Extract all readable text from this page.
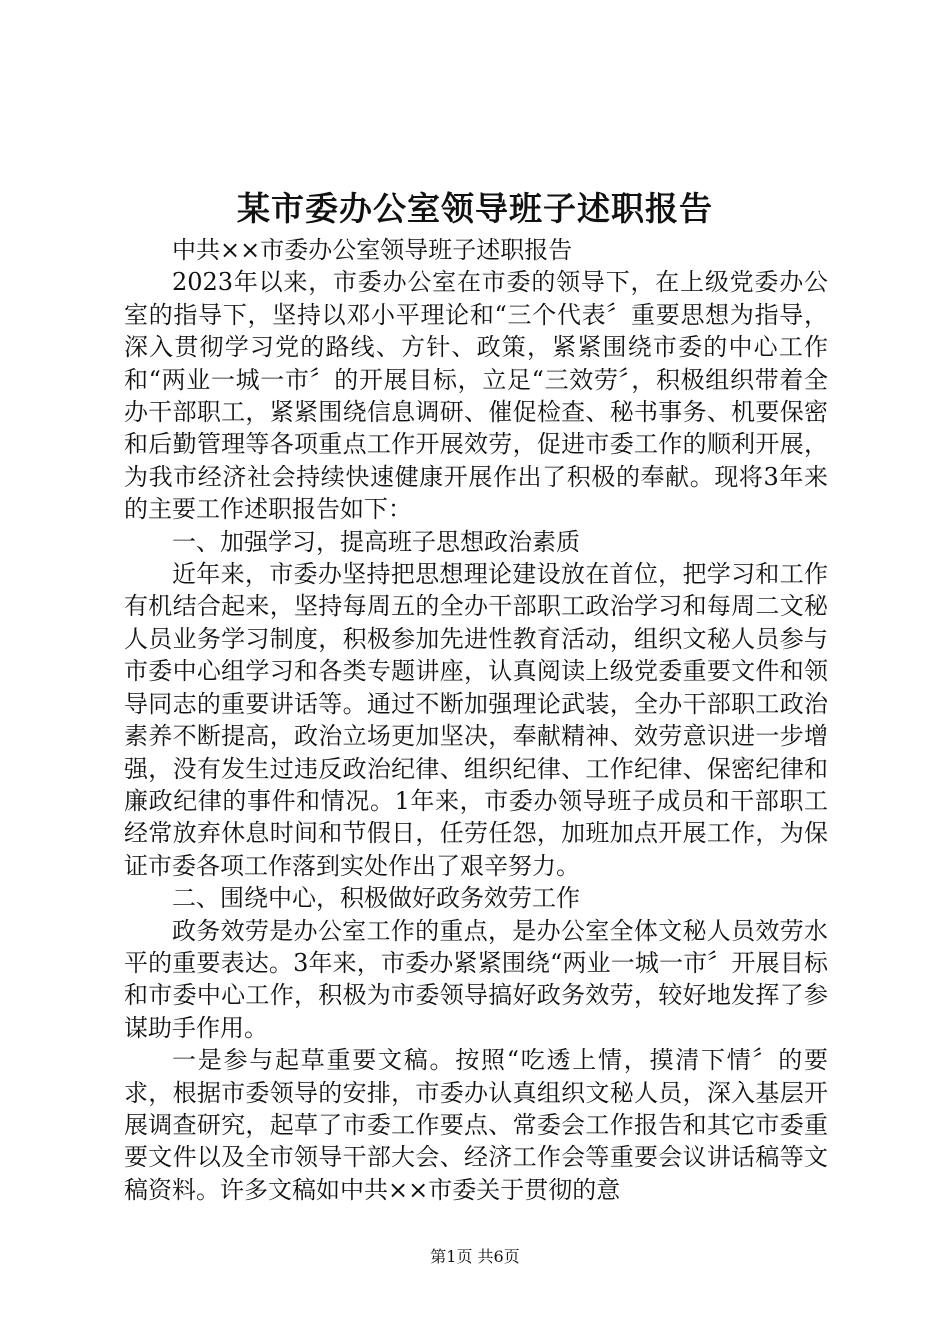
某市委办公室领导班子述职报告

中共××市委办公室领导班子述职报告

2023年以来，市委办公室在市委的领导下，在上级党委办公室的指导下，坚持以邓小平理论和“三个代表〞重要思想为指导，深入贯彻学习党的路线、方针、政策，紧紧围绕市委的中心工作和“两业一城一市〞的开展目标，立足“三效劳〞，积极组织带着全办干部职工，紧紧围绕信息调研、催促检查、秘书事务、机要保密和后勤管理等各项重点工作开展效劳，促进市委工作的顺利开展，为我市经济社会持续快速健康开展作出了积极的奉献。现将3年来的主要工作述职报告如下：

一、加强学习，提高班子思想政治素质

近年来，市委办坚持把思想理论建设放在首位，把学习和工作有机结合起来，坚持每周五的全办干部职工政治学习和每周二文秘人员业务学习制度，积极参加先进性教育活动，组织文秘人员参与市委中心组学习和各类专题讲座，认真阅读上级党委重要文件和领导同志的重要讲话等。通过不断加强理论武装，全办干部职工政治素养不断提高，政治立场更加坚决，奉献精神、效劳意识进一步增强，没有发生过违反政治纪律、组织纪律、工作纪律、保密纪律和廉政纪律的事件和情况。1年来，市委办领导班子成员和干部职工经常放弃休息时间和节假日，任劳任怨，加班加点开展工作，为保证市委各项工作落到实处作出了艰辛努力。

二、围绕中心，积极做好政务效劳工作

政务效劳是办公室工作的重点，是办公室全体文秘人员效劳水平的重要表达。3年来，市委办紧紧围绕“两业一城一市〞开展目标和市委中心工作，积极为市委领导搞好政务效劳，较好地发挥了参谋助手作用。

一是参与起草重要文稿。按照“吃透上情，摸清下情〞的要求，根据市委领导的安排，市委办认真组织文秘人员，深入基层开展调查研究，起草了市委工作要点、常委会工作报告和其它市委重要文件以及全市领导干部大会、经济工作会等重要会议讲话稿等文稿资料。许多文稿如中共××市委关于贯彻的意

第1页 共6页
